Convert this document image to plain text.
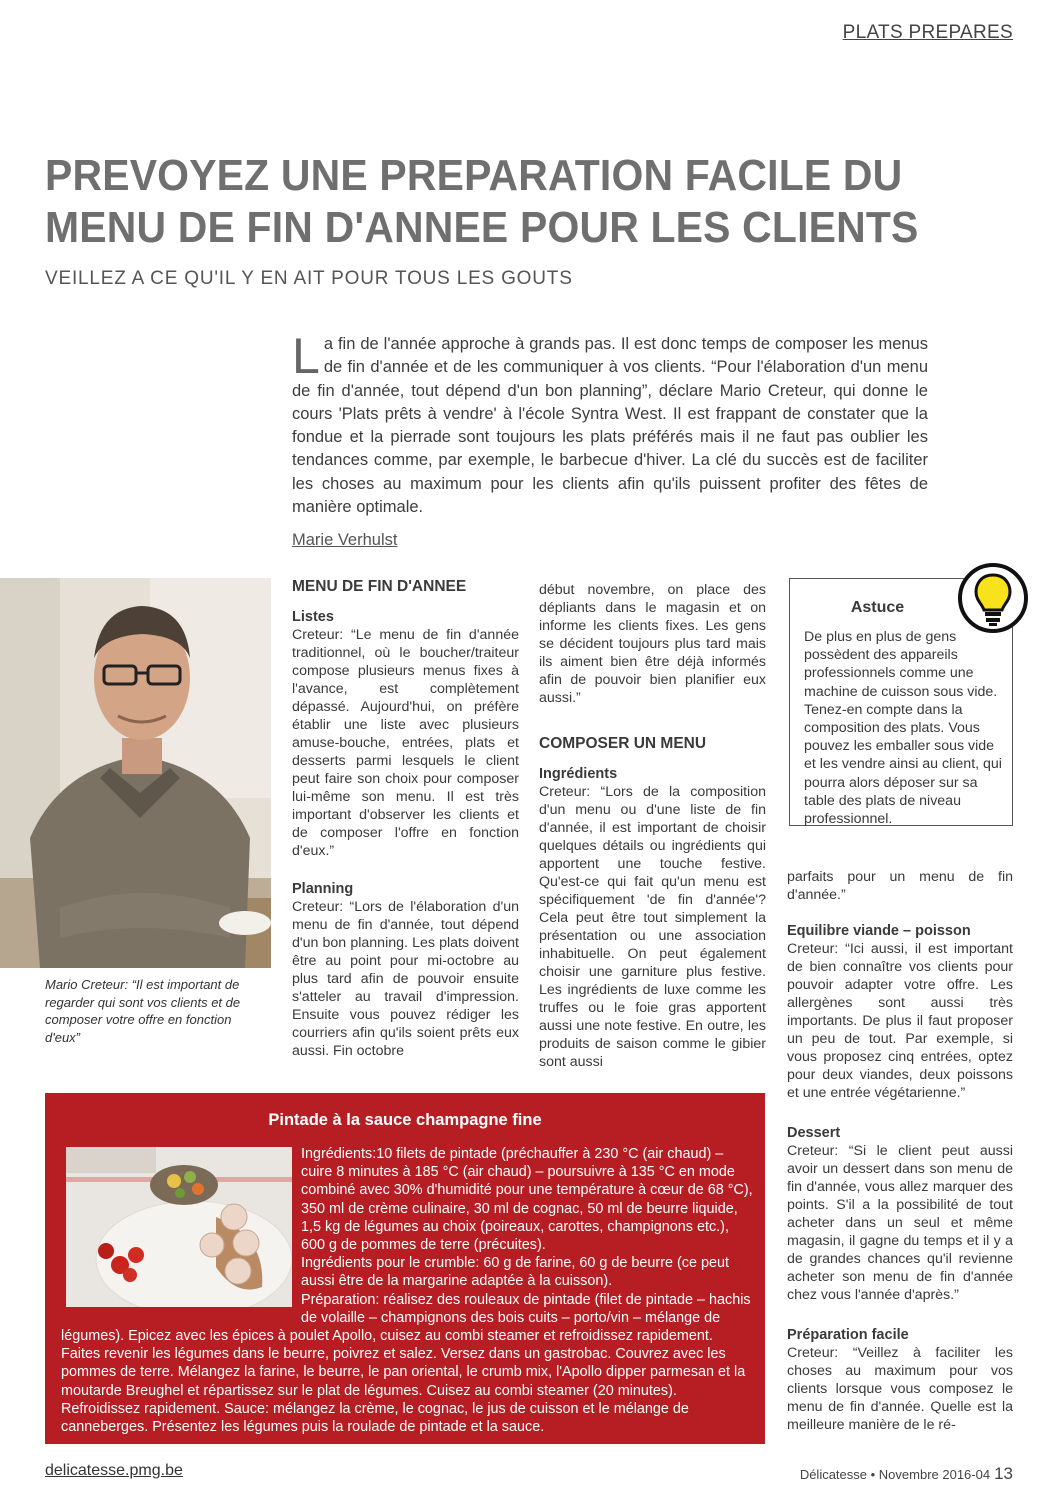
PLATS PREPARES
PREVOYEZ UNE PREPARATION FACILE DU
MENU DE FIN D'ANNEE POUR LES CLIENTS
VEILLEZ A CE QU'IL Y EN AIT POUR TOUS LES GOUTS
La fin de l'année approche à grands pas. Il est donc temps de composer les menus de fin d'année et de les communiquer à vos clients. “Pour l'élaboration d'un menu de fin d'année, tout dépend d'un bon planning”, déclare Mario Creteur, qui donne le cours 'Plats prêts à vendre' à l'école Syntra West. Il est frappant de constater que la fondue et la pierrade sont toujours les plats préférés mais il ne faut pas oublier les tendances comme, par exemple, le barbecue d'hiver. La clé du succès est de faciliter les choses au maximum pour les clients afin qu'ils puissent profiter des fêtes de manière optimale.
Marie Verhulst
Mario Creteur: “Il est important de regarder qui sont vos clients et de composer votre offre en fonction d'eux”
MENU DE FIN D'ANNEE
Listes

Creteur: “Le menu de fin d'année traditionnel, où le boucher/traiteur compose plusieurs menus fixes à l'avance, est complètement dépassé. Aujourd'hui, on préfère établir une liste avec plusieurs amuse-bouche, entrées, plats et desserts parmi lesquels le client peut faire son choix pour composer lui-même son menu. Il est très important d'observer les clients et de composer l'offre en fonction d'eux.”

Planning

Creteur: “Lors de l'élaboration d'un menu de fin d'année, tout dépend d'un bon planning. Les plats doivent être au point pour mi-octobre au plus tard afin de pouvoir ensuite s'atteler au travail d'impression. Ensuite vous pouvez rédiger les courriers afin qu'ils soient prêts eux aussi. Fin octobre

début novembre, on place des dépliants dans le magasin et on informe les clients fixes. Les gens se décident toujours plus tard mais ils aiment bien être déjà informés afin de pouvoir bien planifier eux aussi.”

COMPOSER UN MENU
Ingrédients

Creteur: “Lors de la composition d'un menu ou d'une liste de fin d'année, il est important de choisir quelques détails ou ingrédients qui apportent une touche festive. Qu'est-ce qui fait qu'un menu est spécifiquement 'de fin d'année'? Cela peut être tout simplement la présentation ou une association inhabituelle. On peut également choisir une garniture plus festive. Les ingrédients de luxe comme les truffes ou le foie gras apportent aussi une note festive. En outre, les produits de saison comme le gibier sont aussi

Astuce
De plus en plus de gens possèdent des appareils professionnels comme une machine de cuisson sous vide. Tenez-en compte dans la composition des plats. Vous pouvez les emballer sous vide et les vendre ainsi au client, qui pourra alors déposer sur sa table des plats de niveau professionnel.

parfaits pour un menu de fin d'année.”

Equilibre viande – poisson

Creteur: “Ici aussi, il est important de bien connaître vos clients pour pouvoir adapter votre offre. Les allergènes sont aussi très importants. De plus il faut proposer un peu de tout. Par exemple, si vous proposez cinq entrées, optez pour deux viandes, deux poissons et une entrée végétarienne.”

Dessert

Creteur: “Si le client peut aussi avoir un dessert dans son menu de fin d'année, vous allez marquer des points. S'il a la possibilité de tout acheter dans un seul et même magasin, il gagne du temps et il y a de grandes chances qu'il revienne acheter son menu de fin d'année chez vous l'année d'après.”

Préparation facile

Creteur: “Veillez à faciliter les choses au maximum pour vos clients lorsque vous composez le menu de fin d'année. Quelle est la meilleure manière de le ré-

Pintade à la sauce champagne fine
Ingrédients:10 filets de pintade (préchauffer à 230 °C (air chaud) – cuire 8 minutes à 185 °C (air chaud) – poursuivre à 135 °C en mode combiné avec 30% d'humidité pour une température à cœur de 68 °C), 350 ml de crème culinaire, 30 ml de cognac, 50 ml de beurre liquide, 1,5 kg de légumes au choix (poireaux, carottes, champignons etc.), 600 g de pommes de terre (précuites).
Ingrédients pour le crumble: 60 g de farine, 60 g de beurre (ce peut aussi être de la margarine adaptée à la cuisson).
Préparation: réalisez des rouleaux de pintade (filet de pintade – hachis de volaille – champignons des bois cuits – porto/vin – mélange de légumes). Epicez avec les épices à poulet Apollo, cuisez au combi steamer et refroidissez rapidement. Faites revenir les légumes dans le beurre, poivrez et salez. Versez dans un gastrobac. Couvrez avec les pommes de terre. Mélangez la farine, le beurre, le pan oriental, le crumb mix, l'Apollo dipper parmesan et la moutarde Breughel et répartissez sur le plat de légumes. Cuisez au combi steamer (20 minutes). Refroidissez rapidement. Sauce: mélangez la crème, le cognac, le jus de cuisson et le mélange de canneberges. Présentez les légumes puis la roulade de pintade et la sauce.
delicatesse.pmg.be	Délicatesse • Novembre 2016-04 13
